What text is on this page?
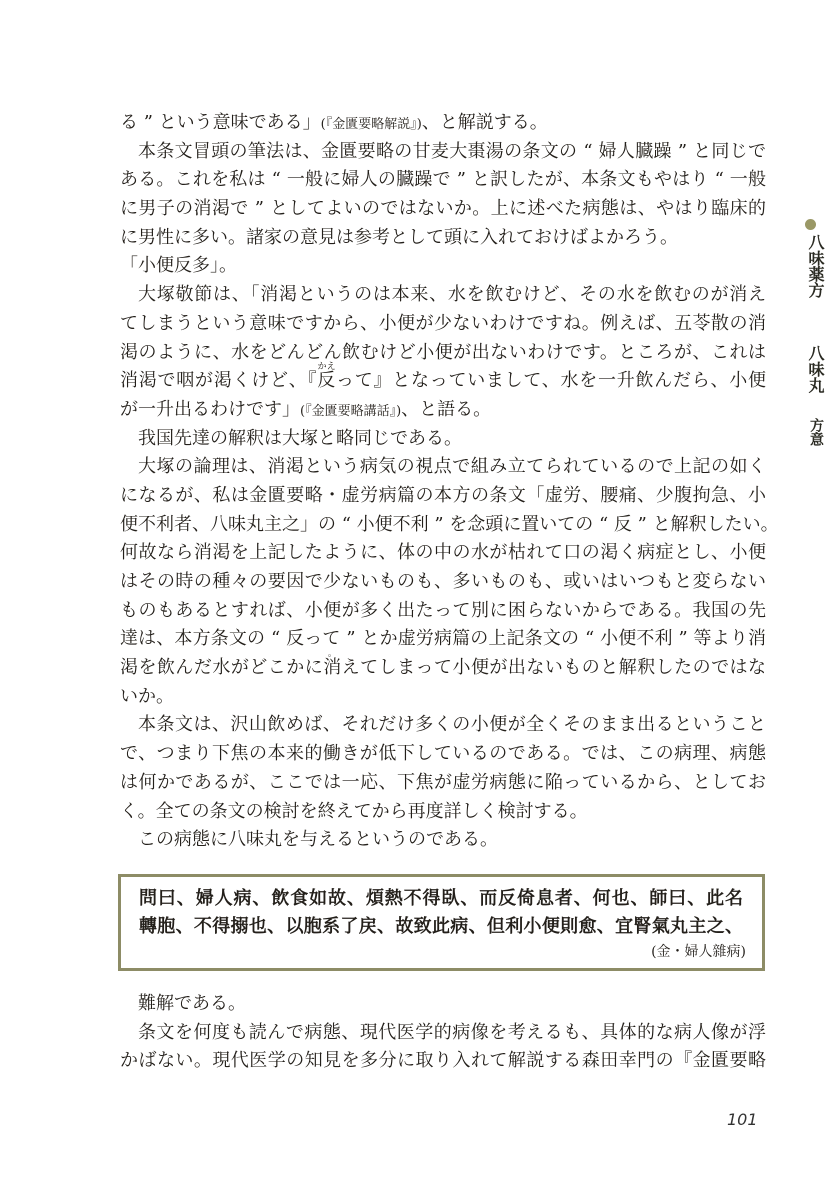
八味薬方
八味丸
方意
る ” という意味である」(『金匱要略解説』)、と解説する。
本条文冒頭の筆法は、金匱要略の甘麦大棗湯の条文の “ 婦人臓躁 ” と同じで
ある。これを私は “ 一般に婦人の臓躁で ” と訳したが、本条文もやはり “ 一般
に男子の消渇で ” としてよいのではないか。上に述べた病態は、やはり臨床的
に男性に多い。諸家の意見は参考として頭に入れておけばよかろう。
「小便反多」。
大塚敬節は、「消渇というのは本来、水を飲むけど、その水を飲むのが消え
てしまうという意味ですから、小便が少ないわけですね。例えば、五苓散の消
渇のように、水をどんどん飲むけど小便が出ないわけです。ところが、これは
消渇で咽が渇くけど、『反
かえ
って』となっていまして、水を一升飲んだら、小便
が一升出るわけです」(『金匱要略講話』)、と語る。
我国先達の解釈は大塚と略同じである。
大塚の論理は、消渇という病気の視点で組み立てられているので上記の如く
になるが、私は金匱要略・虚労病篇の本方の条文「虚労、腰痛、少腹拘急、小
便不利者、八味丸主之」の “ 小便不利 ” を念頭に置いての “ 反 ” と解釈したい。
何故なら消渇を上記したように、体の中の水が枯れて口の渇く病症とし、小便
はその時の種々の要因で少ないものも、多いものも、或いはいつもと変らない
ものもあるとすれば、小便が多く出たって別に困らないからである。我国の先
達は、本方条文の “ 反って ” とか虚労病篇の上記条文の “ 小便不利 ” 等より消
渇を飲んだ水がどこかに消
。
えてしまって小便が出ないものと解釈したのではな
いか。
本条文は、沢山飲めば、それだけ多くの小便が全くそのまま出るということ
で、つまり下焦の本来的働きが低下しているのである。では、この病理、病態
は何かであるが、ここでは一応、下焦が虚労病態に陥っているから、としてお
く。全ての条文の検討を終えてから再度詳しく検討する。
この病態に八味丸を与えるというのである。
問曰、婦人病、飲食如故、煩熱不得臥、而反倚息者、何也、師曰、此名
轉胞、不得搦也、以胞系了戻、故致此病、但利小便則愈、宜腎氣丸主之、
(金・婦人雜病)
難解である。
条文を何度も読んで病態、現代医学的病像を考えるも、具体的な病人像が浮
かばない。現代医学の知見を多分に取り入れて解説する森田幸門の『金匱要略
101
